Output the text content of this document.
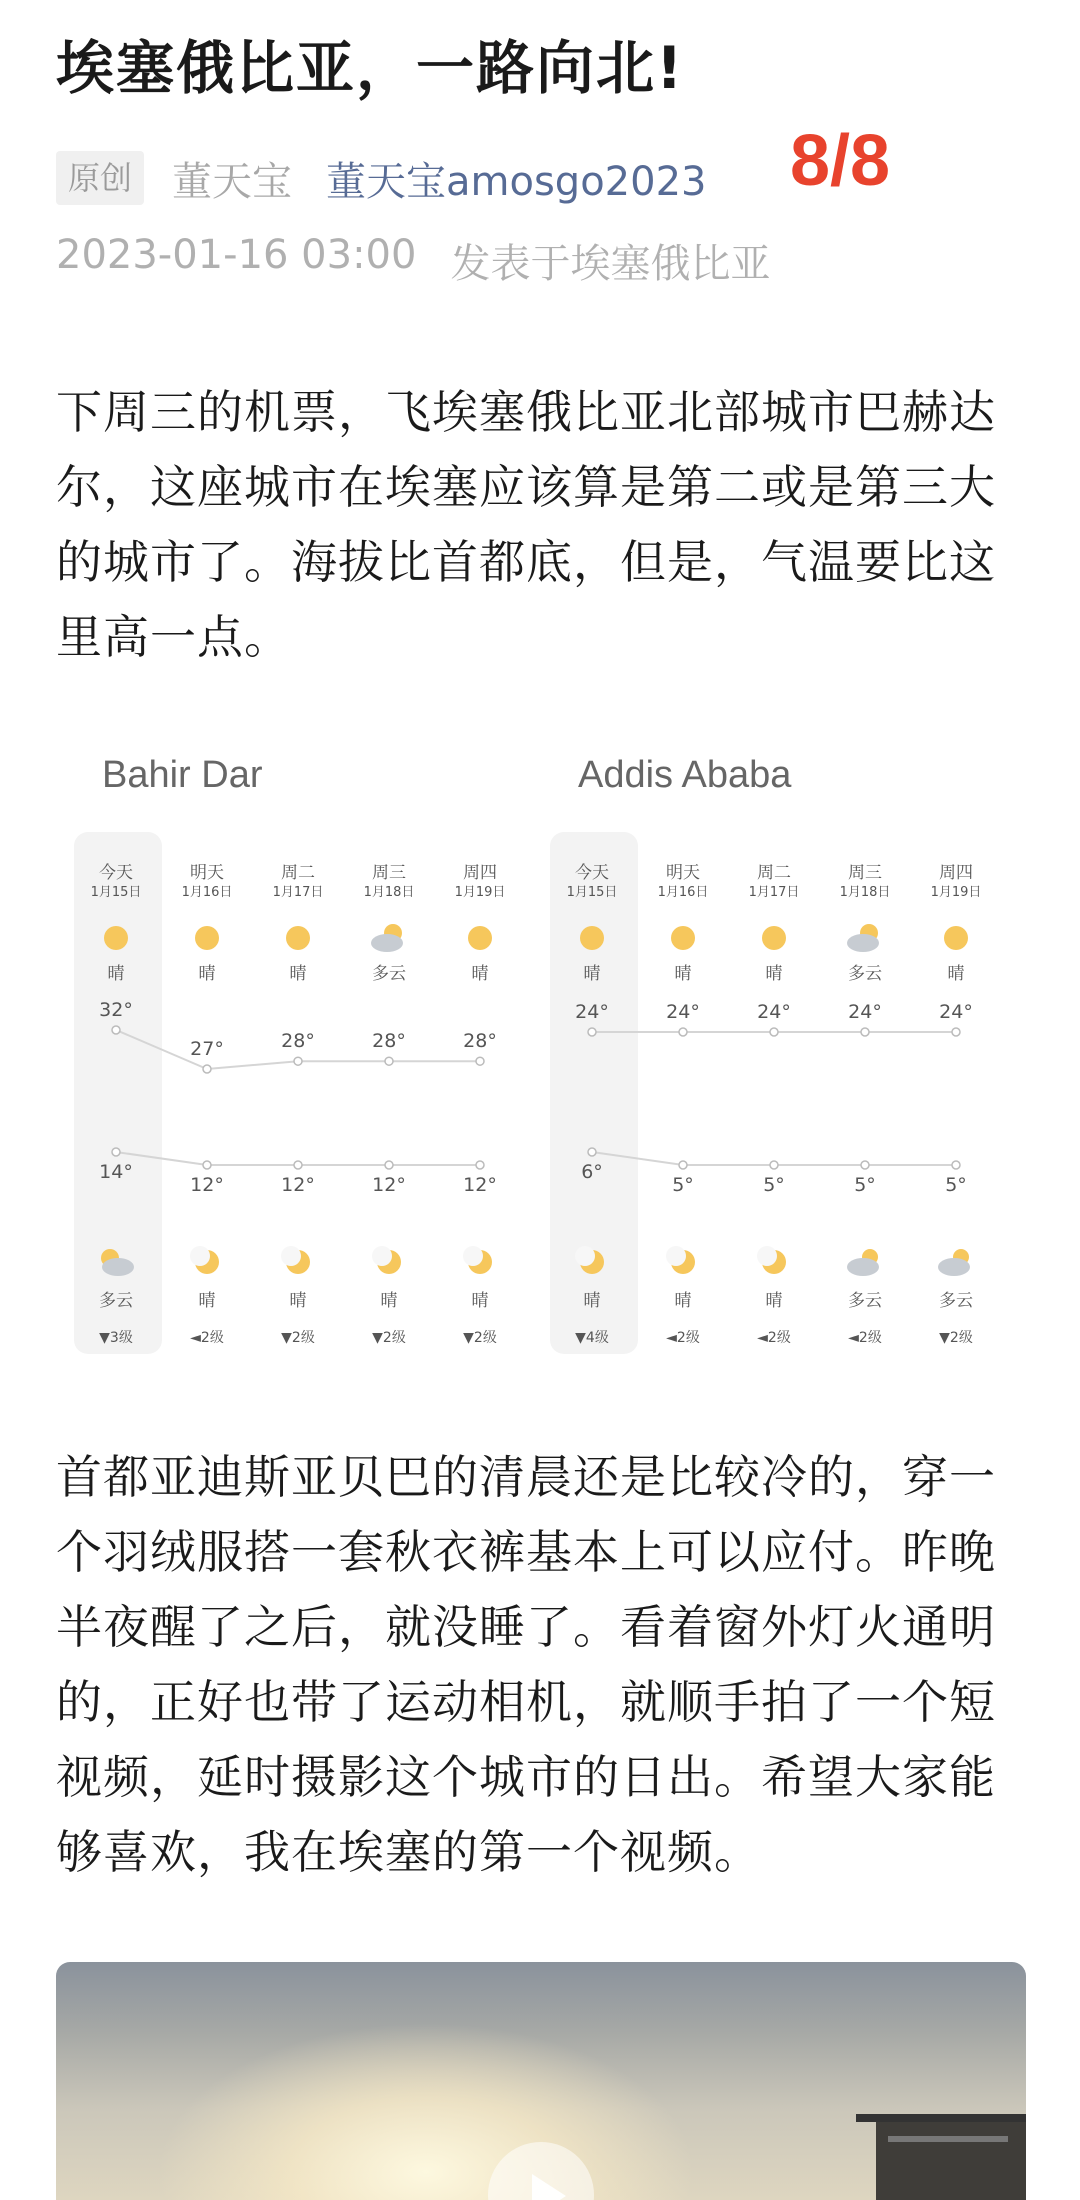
埃塞俄比亚，一路向北!
原创	董天宝 董天宝amosgo2023 8/8
2023-01-16 03:00 发表于埃塞俄比亚

下周三的机票，飞埃塞俄比亚北部城市巴赫达尔，这座城市在埃塞应该算是第二或是第三大的城市了。海拔比首都底，但是，气温要比这里高一点。

Bahir Dar	Addis Ababa
今天
1月15日
晴
多云
▼3级
明天
1月16日
晴
晴
◄2级
周二
1月17日
晴
晴
▼2级
周三
1月18日
多云
晴
▼2级
周四
1月19日
晴
晴
▼2级
32°
14°
27°
12°
28°
12°
28°
12°
28°
12°
今天
1月15日
晴
晴
▼4级
明天
1月16日
晴
晴
◄2级
周二
1月17日
晴
晴
◄2级
周三
1月18日
多云
多云
◄2级
周四
1月19日
晴
多云
▼2级
24°
6°
24°
5°
24°
5°
24°
5°
24°
5°

首都亚迪斯亚贝巴的清晨还是比较冷的，穿一个羽绒服搭一套秋衣裤基本上可以应付。昨晚半夜醒了之后，就没睡了。看着窗外灯火通明的，正好也带了运动相机，就顺手拍了一个短视频，延时摄影这个城市的日出。希望大家能够喜欢，我在埃塞的第一个视频。
